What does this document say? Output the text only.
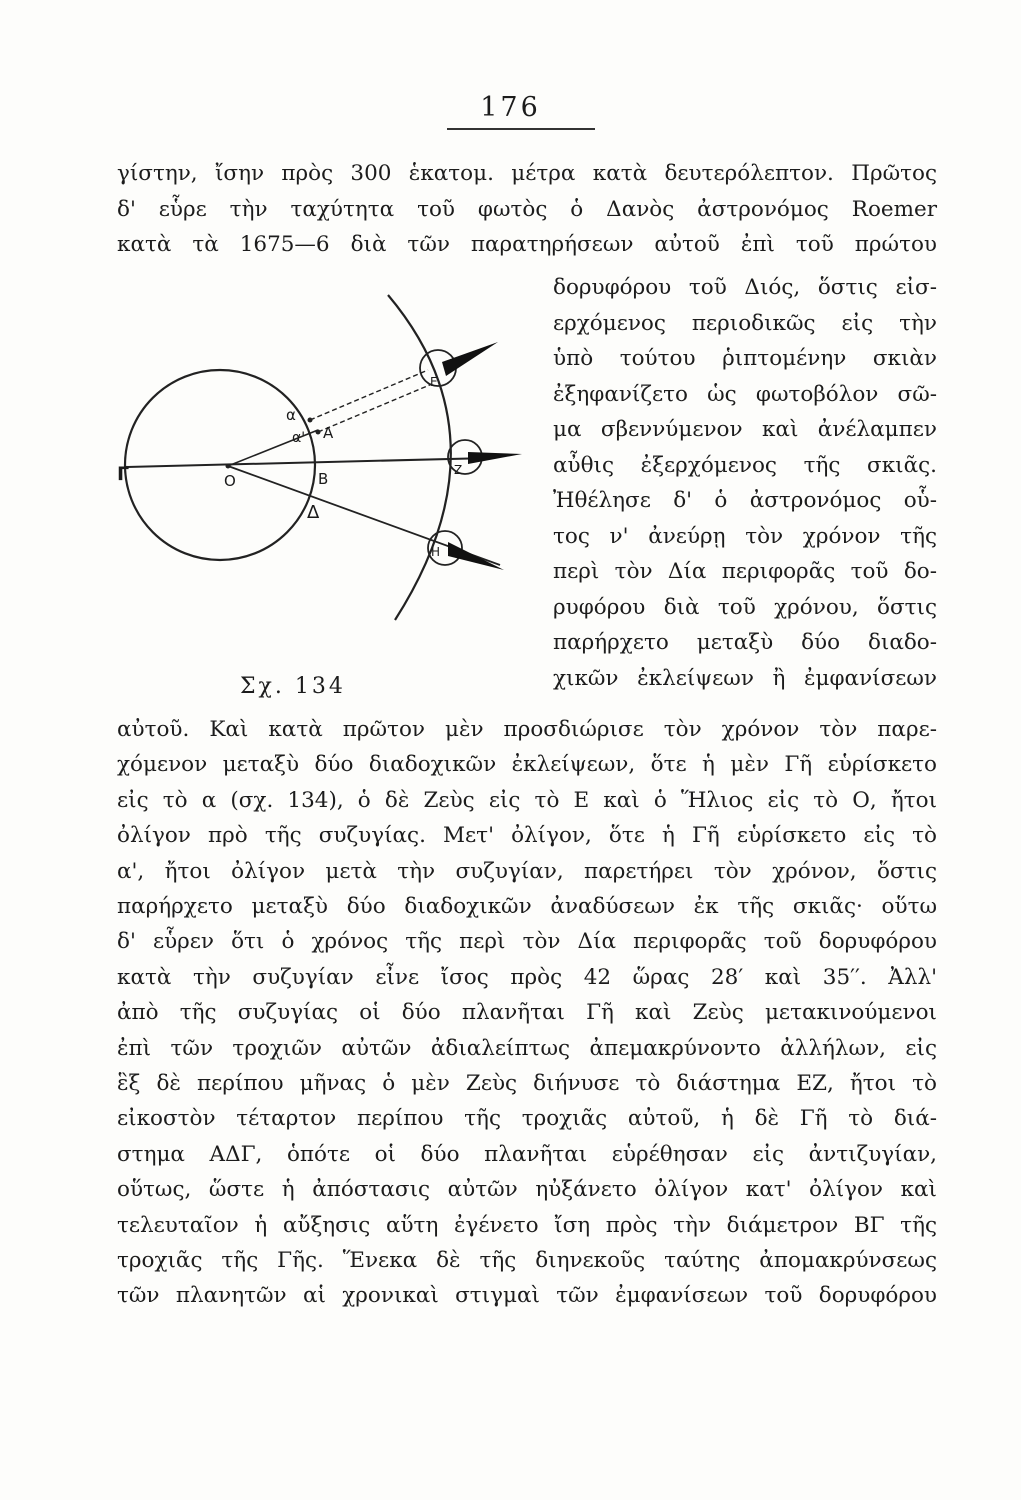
176
γίστην, ἴσην πρὸς 300 ἑκατομ. μέτρα κατὰ δευτερόλεπτον. Πρῶτος
δ' εὗρε τὴν ταχύτητα τοῦ φωτὸς ὁ Δανὸς ἀστρονόμος Roemer
κατὰ τὰ 1675—6 διὰ τῶν παρατηρήσεων αὐτοῦ ἐπὶ τοῦ πρώτου
δορυφόρου τοῦ Διός, ὅστις εἰσ-
ερχόμενος περιοδικῶς εἰς τὴν
ὑπὸ τούτου ῥιπτομένην σκιὰν
ἐξηφανίζετο ὡς φωτοβόλον σῶ-
μα σβεννύμενον καὶ ἀνέλαμπεν
αὖθις ἐξερχόμενος τῆς σκιᾶς.
Ἠθέλησε δ' ὁ ἀστρονόμος οὗ-
τος ν' ἀνεύρῃ τὸν χρόνον τῆς
περὶ τὸν Δία περιφορᾶς τοῦ δο-
ρυφόρου διὰ τοῦ χρόνου, ὅστις
παρήρχετο μεταξὺ δύο διαδο-
χικῶν ἐκλείψεων ἢ ἐμφανίσεων
αὐτοῦ. Καὶ κατὰ πρῶτον μὲν προσδιώρισε τὸν χρόνον τὸν παρε-
χόμενον μεταξὺ δύο διαδοχικῶν ἐκλείψεων, ὅτε ἡ μὲν Γῆ εὑρίσκετο
εἰς τὸ α (σχ. 134), ὁ δὲ Ζεὺς εἰς τὸ Ε καὶ ὁ Ἥλιος εἰς τὸ Ο, ἤτοι
ὀλίγον πρὸ τῆς συζυγίας. Μετ' ὀλίγον, ὅτε ἡ Γῆ εὑρίσκετο εἰς τὸ
α', ἤτοι ὀλίγον μετὰ τὴν συζυγίαν, παρετήρει τὸν χρόνον, ὅστις
παρήρχετο μεταξὺ δύο διαδοχικῶν ἀναδύσεων ἐκ τῆς σκιᾶς· οὕτω
δ' εὗρεν ὅτι ὁ χρόνος τῆς περὶ τὸν Δία περιφορᾶς τοῦ δορυφόρου
κατὰ τὴν συζυγίαν εἶνε ἴσος πρὸς 42 ὥρας 28′ καὶ 35′′. Ἀλλ'
ἀπὸ τῆς συζυγίας οἱ δύο πλανῆται Γῆ καὶ Ζεὺς μετακινούμενοι
ἐπὶ τῶν τροχιῶν αὐτῶν ἀδιαλείπτως ἀπεμακρύνοντο ἀλλήλων, εἰς
ἓξ δὲ περίπου μῆνας ὁ μὲν Ζεὺς διήνυσε τὸ διάστημα ΕΖ, ἤτοι τὸ
εἰκοστὸν τέταρτον περίπου τῆς τροχιᾶς αὐτοῦ, ἡ δὲ Γῆ τὸ διά-
στημα ΑΔΓ, ὁπότε οἱ δύο πλανῆται εὑρέθησαν εἰς ἀντιζυγίαν,
οὕτως, ὥστε ἡ ἀπόστασις αὐτῶν ηὐξάνετο ὀλίγον κατ' ὀλίγον καὶ
τελευταῖον ἡ αὔξησις αὕτη ἐγένετο ἴση πρὸς τὴν διάμετρον ΒΓ τῆς
τροχιᾶς τῆς Γῆς. Ἕνεκα δὲ τῆς διηνεκοῦς ταύτης ἀπομακρύνσεως
τῶν πλανητῶν αἱ χρονικαὶ στιγμαὶ τῶν ἐμφανίσεων τοῦ δορυφόρου
Γ	O	B
Δ
α
α' A
E
Z
H
Σχ. 134
